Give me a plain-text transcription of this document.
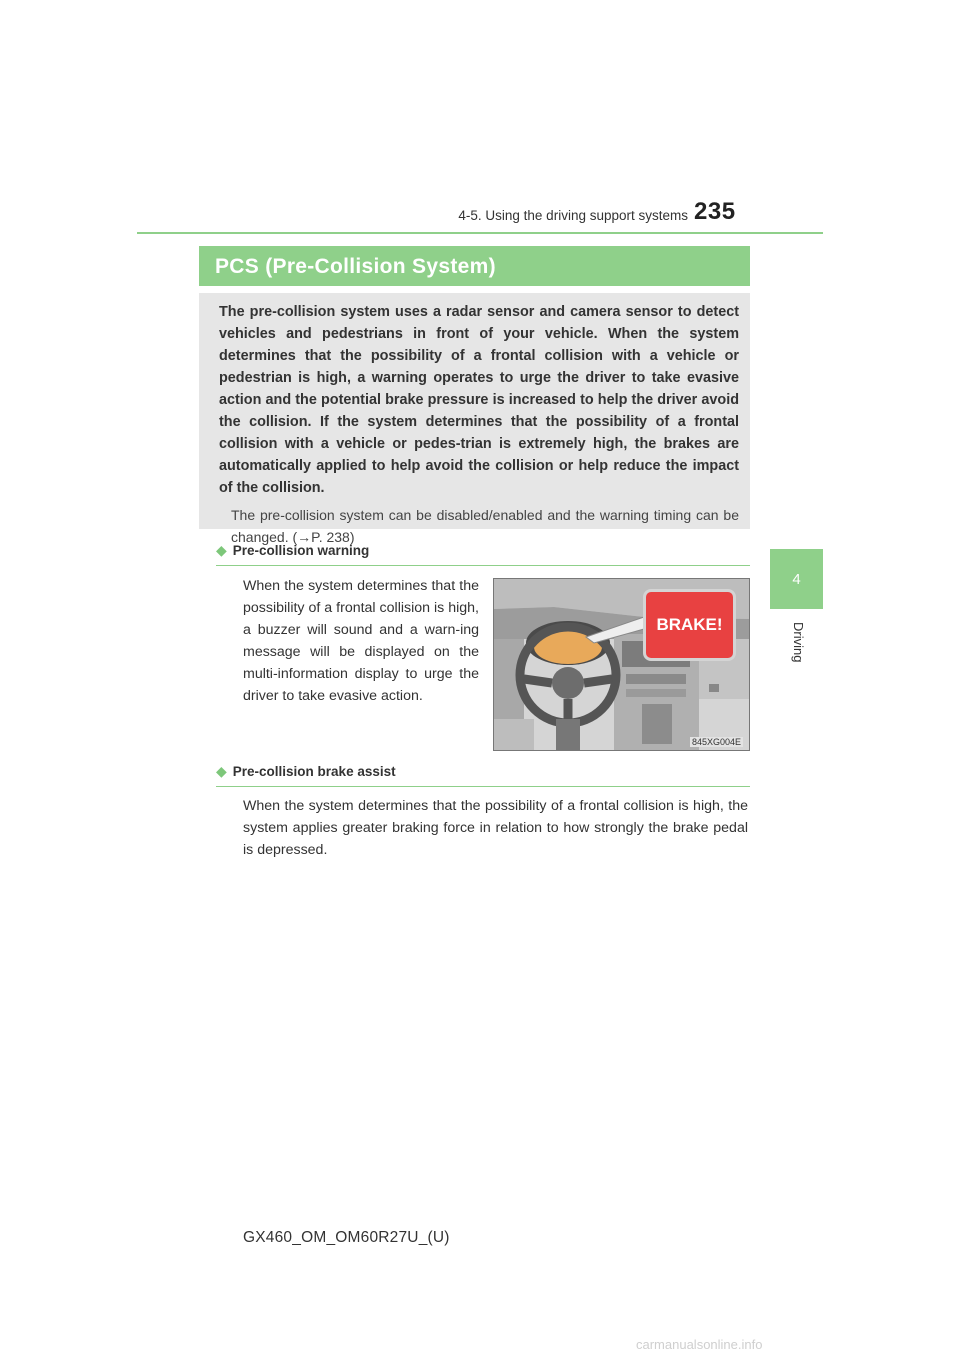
4-5. Using the driving support systems 235
4
Driving
PCS (Pre-Collision System)

The pre-collision system uses a radar sensor and camera sensor to detect vehicles and pedestrians in front of your vehicle. When the system determines that the possibility of a frontal collision with a vehicle or pedestrian is high, a warning operates to urge the driver to take evasive action and the potential brake pressure is increased to help the driver avoid the collision. If the system determines that the possibility of a frontal collision with a vehicle or pedes-trian is extremely high, the brakes are automatically applied to help avoid the collision or help reduce the impact of the collision.

The pre-collision system can be disabled/enabled and the warning timing can be changed. (→P. 238)

◆ Pre-collision warning
When the system determines that the possibility of a frontal collision is high, a buzzer will sound and a warn-ing message will be displayed on the multi-information display to urge the driver to take evasive action.
845XG004E
BRAKE!
◆ Pre-collision brake assist
When the system determines that the possibility of a frontal collision is high, the system applies greater braking force in relation to how strongly the brake pedal is depressed.
GX460_OM_OM60R27U_(U)
carmanualsonline.info
